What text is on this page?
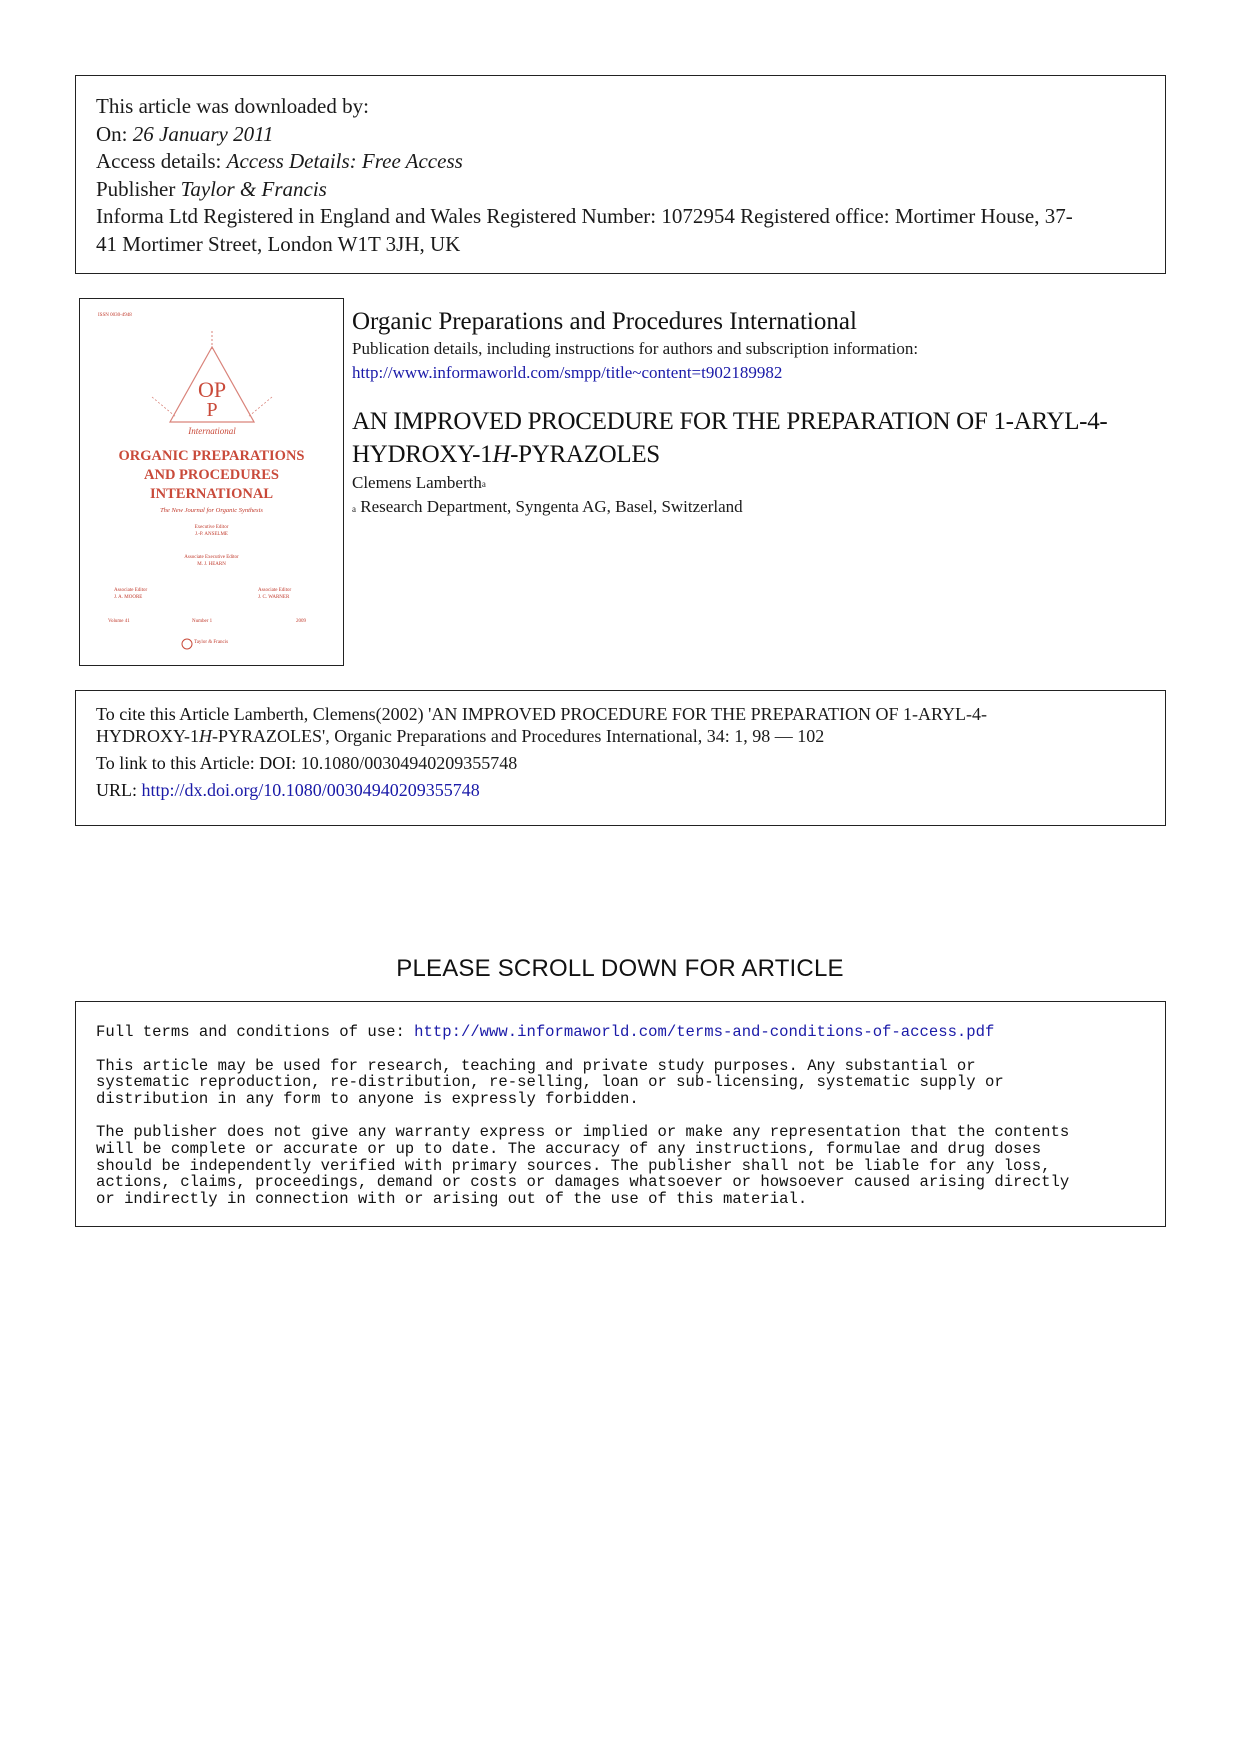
This article was downloaded by:
On: 26 January 2011
Access details: Access Details: Free Access
Publisher Taylor & Francis
Informa Ltd Registered in England and Wales Registered Number: 1072954 Registered office: Mortimer House, 37-
41 Mortimer Street, London W1T 3JH, UK
ISSN 0030-4948
OP
P
International
ORGANIC PREPARATIONS
AND PROCEDURES
INTERNATIONAL
The New Journal for Organic Synthesis
Executive Editor
J.-P. ANSELME
Associate Executive Editor
M. J. HEARN
Associate Editor
J. A. MOORE
Associate Editor
J. C. WARNER
Volume 41	Number 1	2009
Taylor & Francis
Organic Preparations and Procedures International
Publication details, including instructions for authors and subscription information:
http://www.informaworld.com/smpp/title~content=t902189982
AN IMPROVED PROCEDURE FOR THE PREPARATION OF 1-ARYL-4-
HYDROXY-1H-PYRAZOLES
Clemens Lamberth$^a$
$^a$ Research Department, Syngenta AG, Basel, Switzerland
To cite this Article Lamberth, Clemens(2002) 'AN IMPROVED PROCEDURE FOR THE PREPARATION OF 1-ARYL-4-
HYDROXY-1H-PYRAZOLES', Organic Preparations and Procedures International, 34: 1, 98 — 102
To link to this Article: DOI: 10.1080/00304940209355748
URL: http://dx.doi.org/10.1080/00304940209355748
PLEASE SCROLL DOWN FOR ARTICLE

Full terms and conditions of use: http://www.informaworld.com/terms-and-conditions-of-access.pdf

This article may be used for research, teaching and private study purposes. Any substantial or
systematic reproduction, re-distribution, re-selling, loan or sub-licensing, systematic supply or
distribution in any form to anyone is expressly forbidden.

The publisher does not give any warranty express or implied or make any representation that the contents
will be complete or accurate or up to date. The accuracy of any instructions, formulae and drug doses
should be independently verified with primary sources. The publisher shall not be liable for any loss,
actions, claims, proceedings, demand or costs or damages whatsoever or howsoever caused arising directly
or indirectly in connection with or arising out of the use of this material.
